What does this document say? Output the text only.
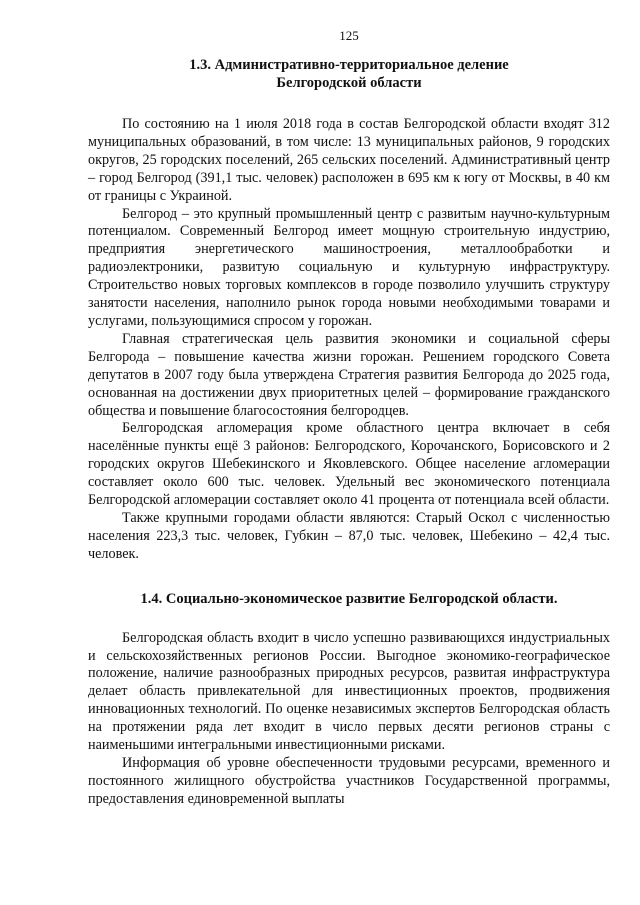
125
1.3. Административно-территориальное деление
Белгородской области

По состоянию на 1 июля 2018 года в состав Белгородской области входят 312 муниципальных образований, в том числе: 13 муниципальных районов, 9 городских округов, 25 городских поселений, 265 сельских поселений. Административный центр – город Белгород (391,1 тыс. человек) расположен в 695 км к югу от Москвы, в 40 км от границы с Украиной.

Белгород – это крупный промышленный центр с развитым научно-культурным потенциалом. Современный Белгород имеет мощную строительную индустрию, предприятия энергетического машиностроения, металлообработки и радиоэлектроники, развитую социальную и культурную инфраструктуру. Строительство новых торговых комплексов в городе позволило улучшить структуру занятости населения, наполнило рынок города новыми необходимыми товарами и услугами, пользующимися спросом у горожан.

Главная стратегическая цель развития экономики и социальной сферы Белгорода – повышение качества жизни горожан. Решением городского Совета депутатов в 2007 году была утверждена Стратегия развития Белгорода до 2025 года, основанная на достижении двух приоритетных целей – формирование гражданского общества и повышение благосостояния белгородцев.

Белгородская агломерация кроме областного центра включает в себя населённые пункты ещё 3 районов: Белгородского, Корочанского, Борисовского и 2 городских округов Шебекинского и Яковлевского. Общее население агломерации составляет около 600 тыс. человек. Удельный вес экономического потенциала Белгородской агломерации составляет около 41 процента от потенциала всей области.

Также крупными городами области являются: Старый Оскол с численностью населения 223,3 тыс. человек, Губкин – 87,0 тыс. человек, Шебекино – 42,4 тыс. человек.

1.4. Социально-экономическое развитие Белгородской области.

Белгородская область входит в число успешно развивающихся индустриальных и сельскохозяйственных регионов России. Выгодное экономико-географическое положение, наличие разнообразных природных ресурсов, развитая инфраструктура делает область привлекательной для инвестиционных проектов, продвижения инновационных технологий. По оценке независимых экспертов Белгородская область на протяжении ряда лет входит в число первых десяти регионов страны с наименьшими интегральными инвестиционными рисками.

Информация об уровне обеспеченности трудовыми ресурсами, временного и постоянного жилищного обустройства участников Государственной программы, предоставления единовременной выплаты
